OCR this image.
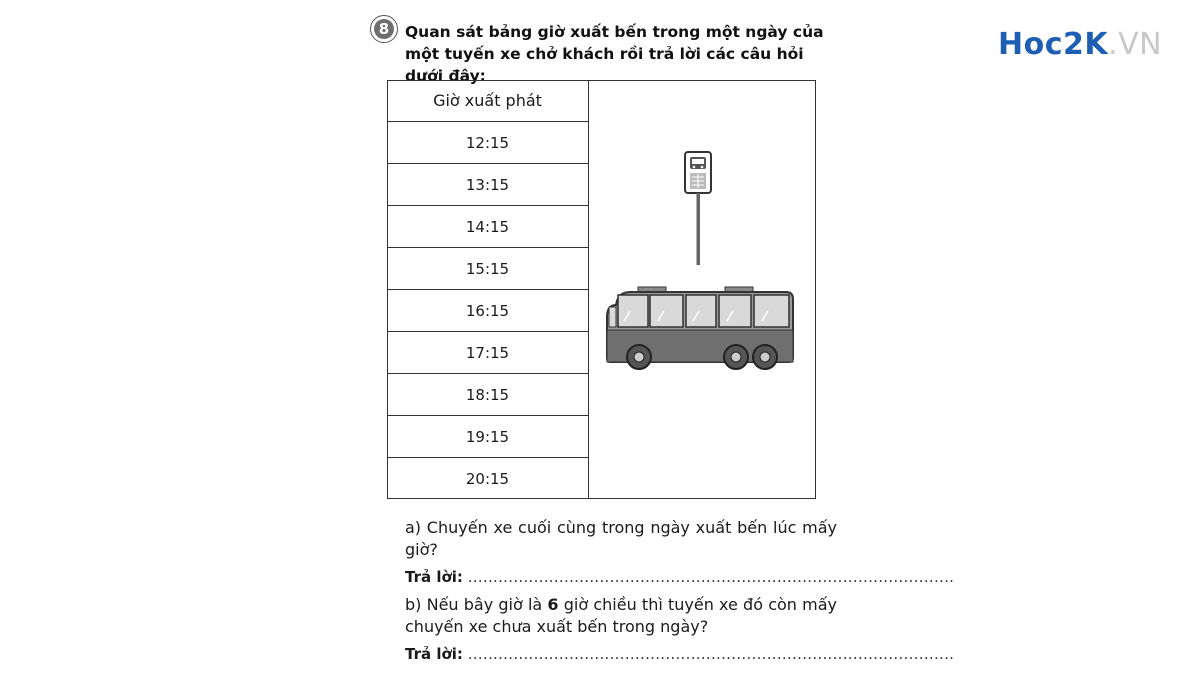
8	Quan sát bảng giờ xuất bến trong một ngày của một tuyến xe chở khách rồi trả lời các câu hỏi dưới đây:
Hoc2K.VN
Giờ xuất phát
12:15
13:15
14:15
15:15
16:15
17:15
18:15
19:15
20:15
a) Chuyến xe cuối cùng trong ngày xuất bến lúc mấy giờ?
Trả lời: ................................................................................................
b) Nếu bây giờ là 6 giờ chiều thì tuyến xe đó còn mấy chuyến xe chưa xuất bến trong ngày?
Trả lời: ................................................................................................
